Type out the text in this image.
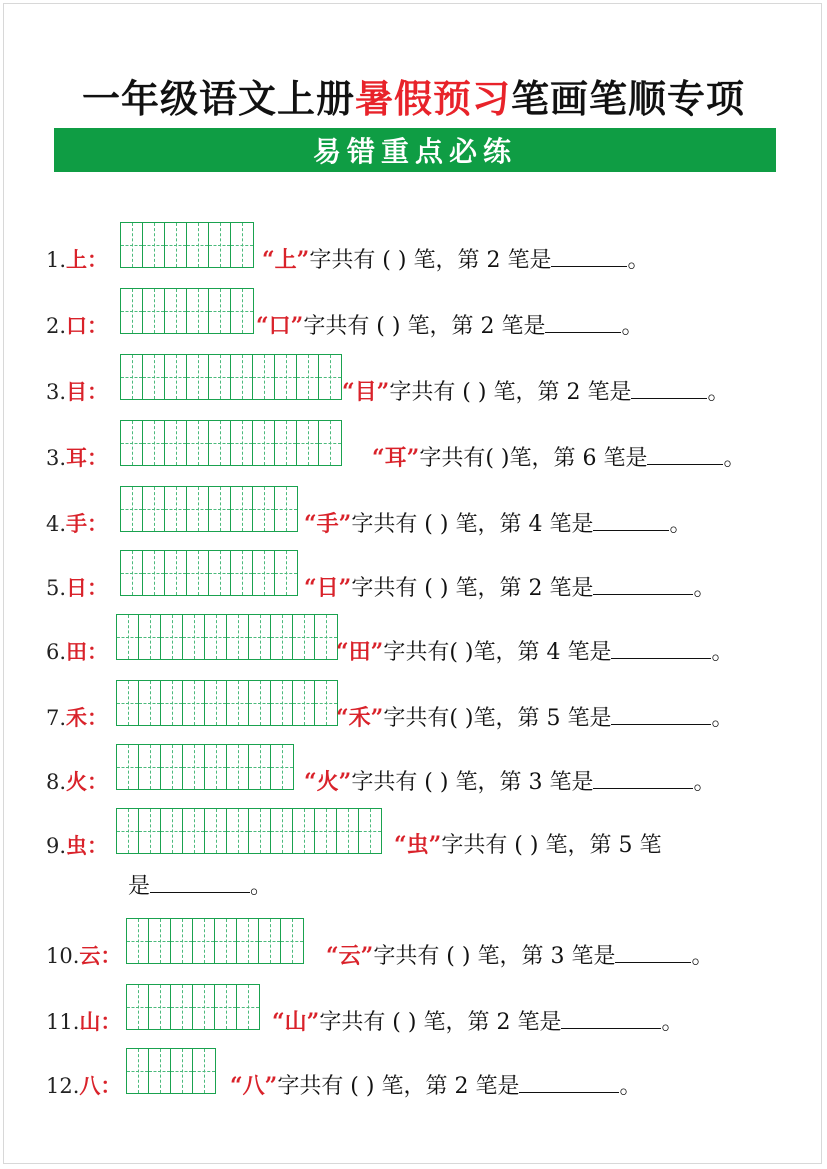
一年级语文上册暑假预习笔画笔顺专项
易错重点必练
1.上：	“上”字共有 ( ) 笔，第 2 笔是	。
2.口：	“口”字共有 ( ) 笔，第 2 笔是	。
3.目：	“目”字共有 ( ) 笔，第 2 笔是	。
3.耳：	“耳”字共有( )笔，第 6 笔是	。
4.手：	“手”字共有 ( ) 笔，第 4 笔是	。
5.日：	“日”字共有 ( ) 笔，第 2 笔是	。
6.田：	“田”字共有( )笔，第 4 笔是	。
7.禾：	“禾”字共有( )笔，第 5 笔是	。
8.火：	“火”字共有 ( ) 笔，第 3 笔是	。
9.虫：	“虫”字共有 ( ) 笔，第 5 笔
10.云：	“云”字共有 ( ) 笔，第 3 笔是	。
11.山：	“山”字共有 ( ) 笔，第 2 笔是	。
12.八：	“八”字共有 ( ) 笔，第 2 笔是	。
是	。
